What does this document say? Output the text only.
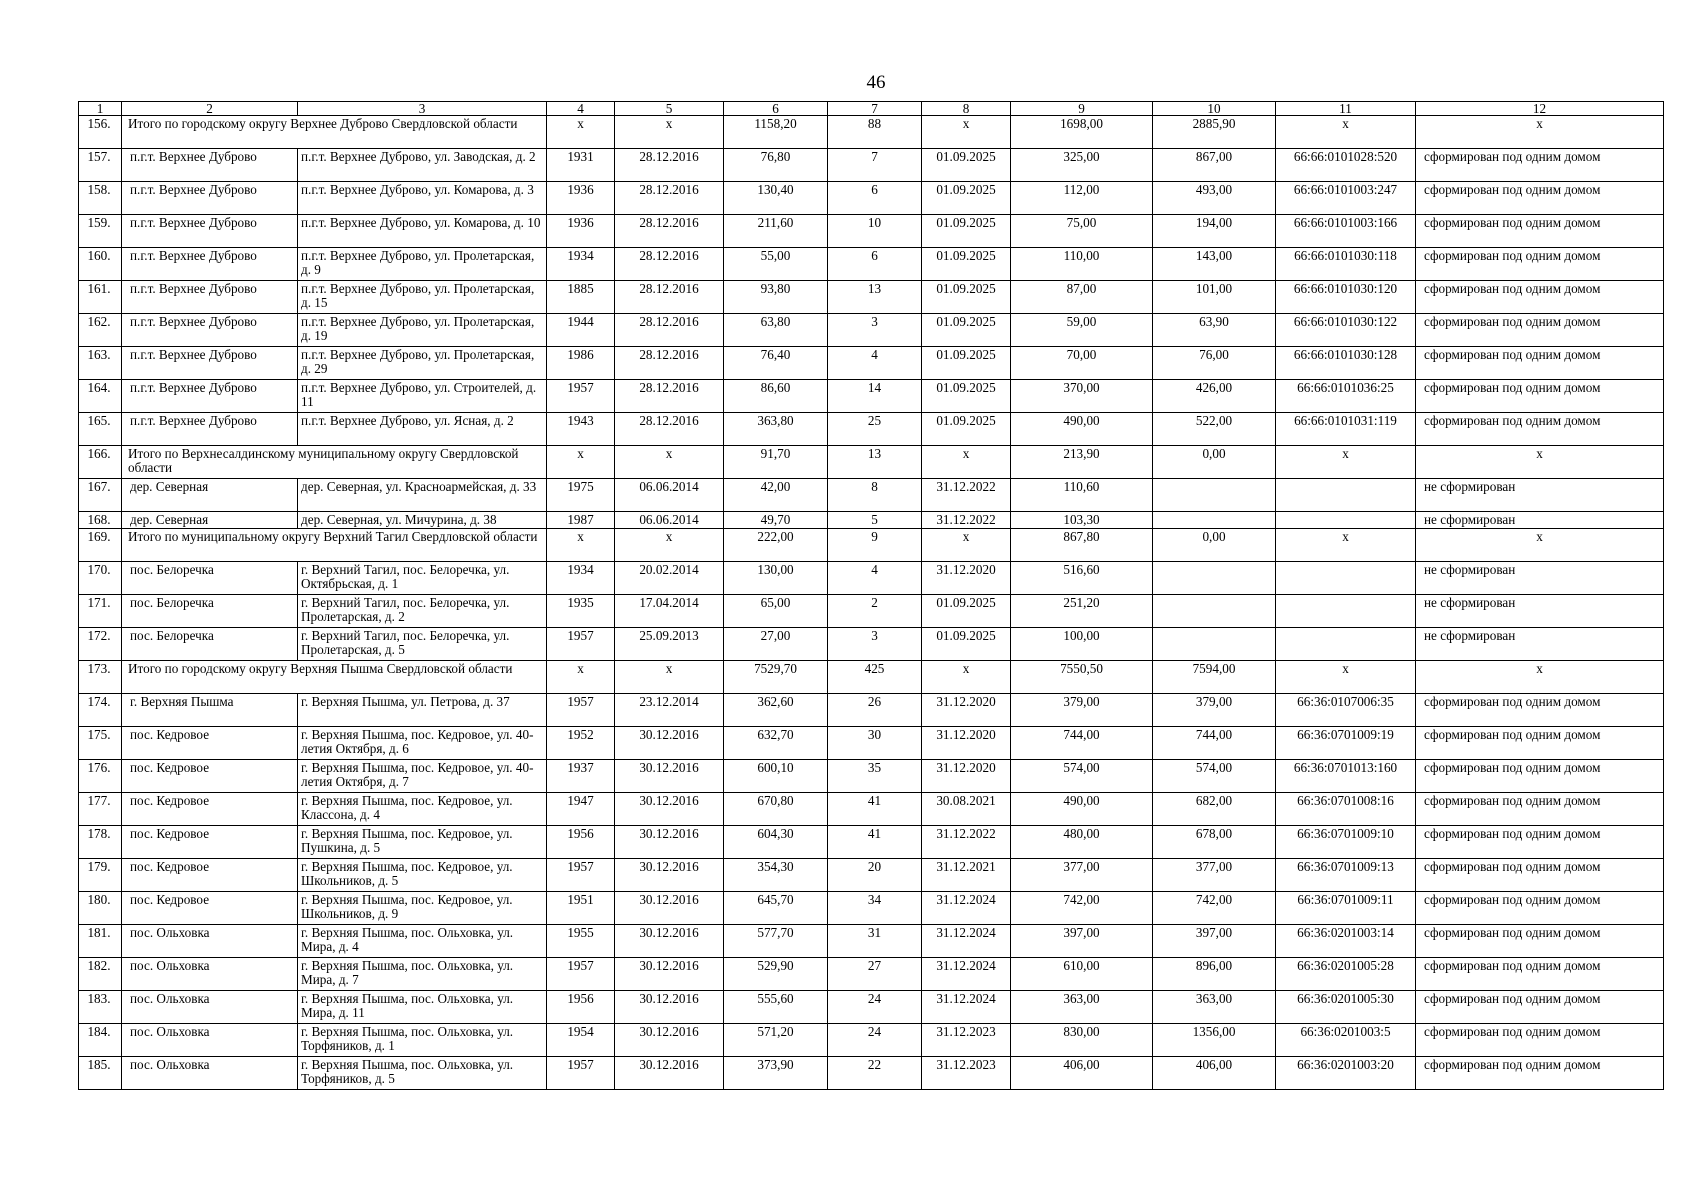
46
1	2	3	4	5	6	7	8	9	10	11	12
156.	Итого по городскому округу Верхнее Дуброво Свердловской области		х	х	1158,20	88	х	1698,00	2885,90	х	х
157.	п.г.т. Верхнее Дуброво	п.г.т. Верхнее Дуброво, ул. Заводская, д. 2	1931	28.12.2016	76,80	7	01.09.2025	325,00	867,00	66:66:0101028:520	сформирован под одним домом
158.	п.г.т. Верхнее Дуброво	п.г.т. Верхнее Дуброво, ул. Комарова, д. 3	1936	28.12.2016	130,40	6	01.09.2025	112,00	493,00	66:66:0101003:247	сформирован под одним домом
159.	п.г.т. Верхнее Дуброво	п.г.т. Верхнее Дуброво, ул. Комарова, д. 10	1936	28.12.2016	211,60	10	01.09.2025	75,00	194,00	66:66:0101003:166	сформирован под одним домом
160.	п.г.т. Верхнее Дуброво	п.г.т. Верхнее Дуброво, ул. Пролетарская, д. 9	1934	28.12.2016	55,00	6	01.09.2025	110,00	143,00	66:66:0101030:118	сформирован под одним домом
161.	п.г.т. Верхнее Дуброво	п.г.т. Верхнее Дуброво, ул. Пролетарская, д. 15	1885	28.12.2016	93,80	13	01.09.2025	87,00	101,00	66:66:0101030:120	сформирован под одним домом
162.	п.г.т. Верхнее Дуброво	п.г.т. Верхнее Дуброво, ул. Пролетарская, д. 19	1944	28.12.2016	63,80	3	01.09.2025	59,00	63,90	66:66:0101030:122	сформирован под одним домом
163.	п.г.т. Верхнее Дуброво	п.г.т. Верхнее Дуброво, ул. Пролетарская, д. 29	1986	28.12.2016	76,40	4	01.09.2025	70,00	76,00	66:66:0101030:128	сформирован под одним домом
164.	п.г.т. Верхнее Дуброво	п.г.т. Верхнее Дуброво, ул. Строителей, д. 11	1957	28.12.2016	86,60	14	01.09.2025	370,00	426,00	66:66:0101036:25	сформирован под одним домом
165.	п.г.т. Верхнее Дуброво	п.г.т. Верхнее Дуброво, ул. Ясная, д. 2	1943	28.12.2016	363,80	25	01.09.2025	490,00	522,00	66:66:0101031:119	сформирован под одним домом
166.	Итого по Верхнесалдинскому муниципальному округу Свердловской области		х	х	91,70	13	х	213,90	0,00	х	х
167.	дер. Северная	дер. Северная, ул. Красноармейская, д. 33	1975	06.06.2014	42,00	8	31.12.2022	110,60			не сформирован
168.	дер. Северная	дер. Северная, ул. Мичурина, д. 38	1987	06.06.2014	49,70	5	31.12.2022	103,30			не сформирован
169.	Итого по муниципальному округу Верхний Тагил Свердловской области		х	х	222,00	9	х	867,80	0,00	х	х
170.	пос. Белоречка	г. Верхний Тагил, пос. Белоречка, ул. Октябрьская, д. 1	1934	20.02.2014	130,00	4	31.12.2020	516,60			не сформирован
171.	пос. Белоречка	г. Верхний Тагил, пос. Белоречка, ул. Пролетарская, д. 2	1935	17.04.2014	65,00	2	01.09.2025	251,20			не сформирован
172.	пос. Белоречка	г. Верхний Тагил, пос. Белоречка, ул. Пролетарская, д. 5	1957	25.09.2013	27,00	3	01.09.2025	100,00			не сформирован
173.	Итого по городскому округу Верхняя Пышма Свердловской области		х	х	7529,70	425	х	7550,50	7594,00	х	х
174.	г. Верхняя Пышма	г. Верхняя Пышма, ул. Петрова, д. 37	1957	23.12.2014	362,60	26	31.12.2020	379,00	379,00	66:36:0107006:35	сформирован под одним домом
175.	пос. Кедровое	г. Верхняя Пышма, пос. Кедровое, ул. 40-летия Октября, д. 6	1952	30.12.2016	632,70	30	31.12.2020	744,00	744,00	66:36:0701009:19	сформирован под одним домом
176.	пос. Кедровое	г. Верхняя Пышма, пос. Кедровое, ул. 40-летия Октября, д. 7	1937	30.12.2016	600,10	35	31.12.2020	574,00	574,00	66:36:0701013:160	сформирован под одним домом
177.	пос. Кедровое	г. Верхняя Пышма, пос. Кедровое, ул. Классона, д. 4	1947	30.12.2016	670,80	41	30.08.2021	490,00	682,00	66:36:0701008:16	сформирован под одним домом
178.	пос. Кедровое	г. Верхняя Пышма, пос. Кедровое, ул. Пушкина, д. 5	1956	30.12.2016	604,30	41	31.12.2022	480,00	678,00	66:36:0701009:10	сформирован под одним домом
179.	пос. Кедровое	г. Верхняя Пышма, пос. Кедровое, ул. Школьников, д. 5	1957	30.12.2016	354,30	20	31.12.2021	377,00	377,00	66:36:0701009:13	сформирован под одним домом
180.	пос. Кедровое	г. Верхняя Пышма, пос. Кедровое, ул. Школьников, д. 9	1951	30.12.2016	645,70	34	31.12.2024	742,00	742,00	66:36:0701009:11	сформирован под одним домом
181.	пос. Ольховка	г. Верхняя Пышма, пос. Ольховка, ул. Мира, д. 4	1955	30.12.2016	577,70	31	31.12.2024	397,00	397,00	66:36:0201003:14	сформирован под одним домом
182.	пос. Ольховка	г. Верхняя Пышма, пос. Ольховка, ул. Мира, д. 7	1957	30.12.2016	529,90	27	31.12.2024	610,00	896,00	66:36:0201005:28	сформирован под одним домом
183.	пос. Ольховка	г. Верхняя Пышма, пос. Ольховка, ул. Мира, д. 11	1956	30.12.2016	555,60	24	31.12.2024	363,00	363,00	66:36:0201005:30	сформирован под одним домом
184.	пос. Ольховка	г. Верхняя Пышма, пос. Ольховка, ул. Торфяников, д. 1	1954	30.12.2016	571,20	24	31.12.2023	830,00	1356,00	66:36:0201003:5	сформирован под одним домом
185.	пос. Ольховка	г. Верхняя Пышма, пос. Ольховка, ул. Торфяников, д. 5	1957	30.12.2016	373,90	22	31.12.2023	406,00	406,00	66:36:0201003:20	сформирован под одним домом
